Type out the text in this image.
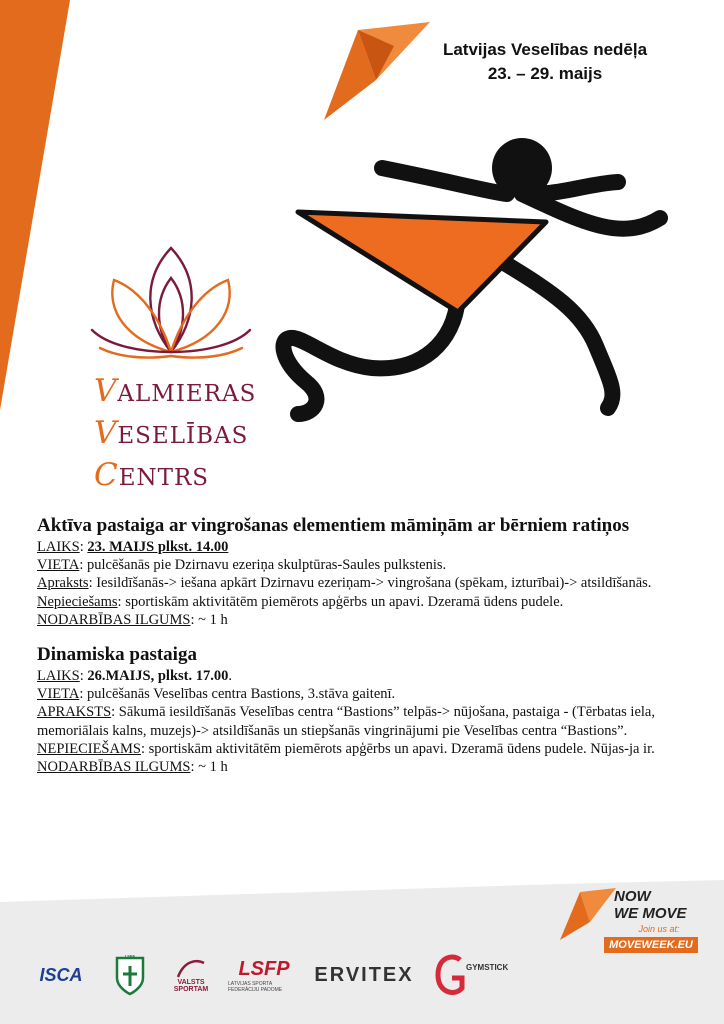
Latvijas Veselības nedēļa
23. – 29. maijs
VALMIERAS
VESELĪBAS
CENTRS
Aktīva pastaiga ar vingrošanas elementiem māmiņām ar bērniem ratiņos
LAIKS: 23. MAIJS plkst. 14.00
VIETA: pulcēšanās pie Dzirnavu ezeriņa skulptūras-Saules pulkstenis.
Apraksts: Iesildīšanās-> iešana apkārt Dzirnavu ezeriņam-> vingrošana (spēkam, izturībai)-> atsildīšanās.
Nepieciešams: sportiskām aktivitātēm piemērots apģērbs un apavi. Dzeramā ūdens pudele.
NODARBĪBAS ILGUMS: ~ 1 h
Dinamiska pastaiga
LAIKS: 26.MAIJS, plkst. 17.00.
VIETA: pulcēšanās Veselības centra Bastions, 3.stāva gaitenī.
APRAKSTS: Sākumā iesildīšanās Veselības centra “Bastions” telpās-> nūjošana, pastaiga - (Tērbatas iela, memoriālais kalns, muzejs)-> atsildīšanās un stiepšanās vingrinājumi pie Veselības centra “Bastions”.
NEPIECIEŠAMS: sportiskām aktivitātēm piemērots apģērbs un apavi. Dzeramā ūdens pudele. Nūjas-ja ir.
NODARBĪBAS ILGUMS: ~ 1 h
NOW
WE MOVE
Join us at:
MOVEWEEK.EU
ISCA
LSPA
VALSTS SPORTAM
LSFP
LATVIJAS SPORTA FEDERĀCIJU PADOME
ERVITEX	GYMSTICK
